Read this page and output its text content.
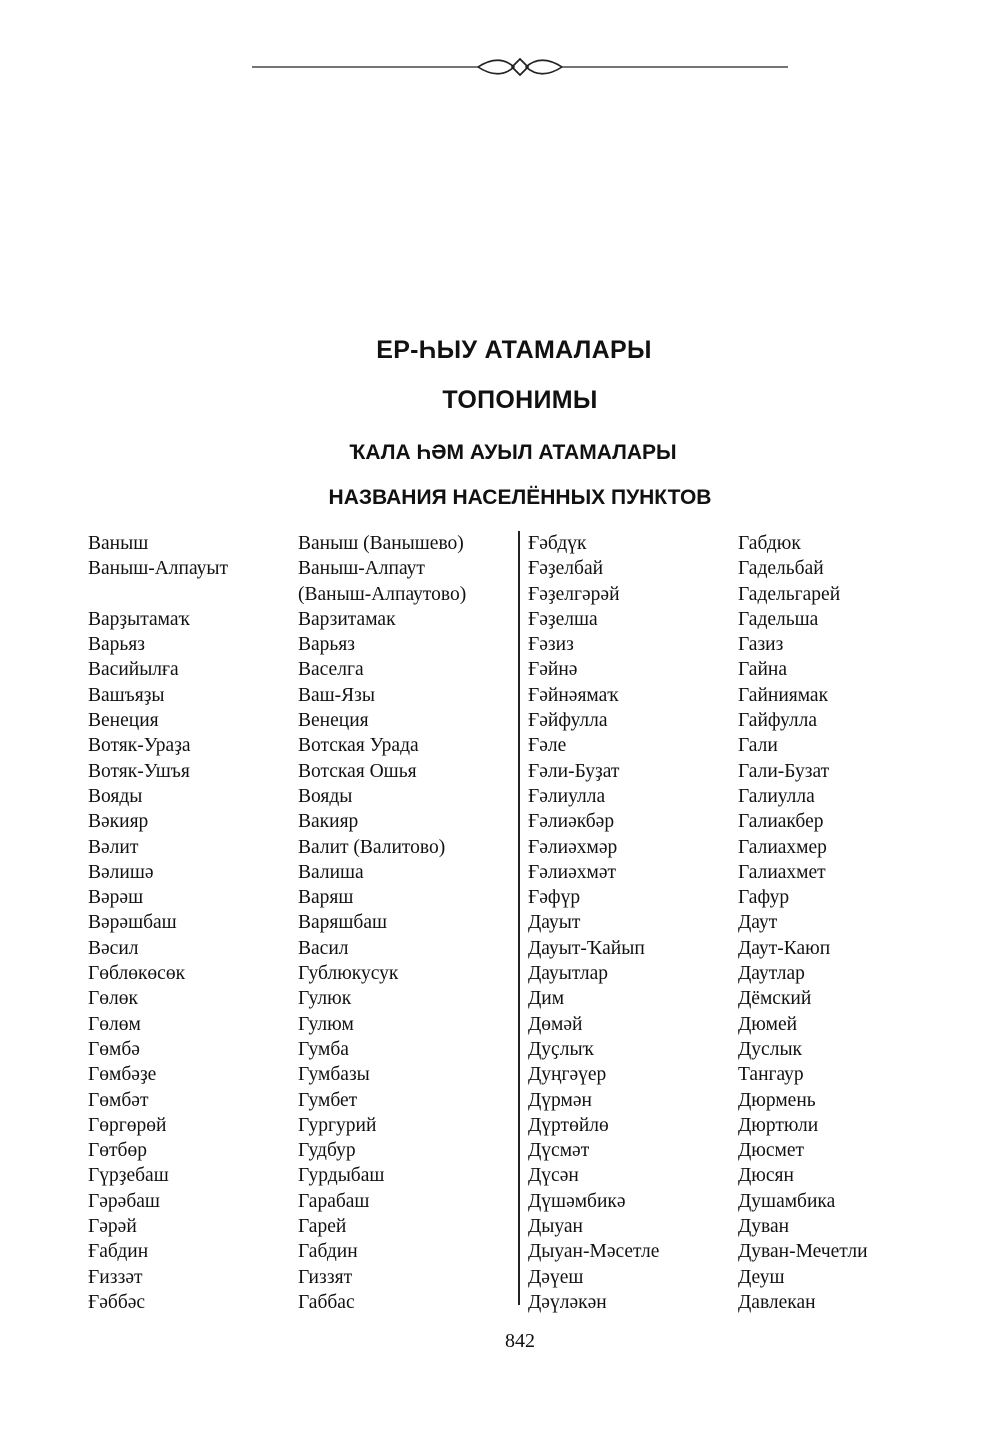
ЕР-ҺЫУ АТАМАЛАРЫ
ТОПОНИМЫ
ҠАЛА ҺӘМ АУЫЛ АТАМАЛАРЫ
НАЗВАНИЯ НАСЕЛЁННЫХ ПУНКТОВ
Ваныш
Ваныш-Алпауыт
Варҙытамаҡ
Варьяз
Васийылға
Вашъяҙы
Венеция
Вотяк-Ураҙа
Вотяк-Ушъя
Вояды
Вәкияр
Вәлит
Вәлишә
Вәрәш
Вәрәшбаш
Вәсил
Гөблөкөсөк
Гөлөк
Гөлөм
Гөмбә
Гөмбәҙе
Гөмбәт
Гөргөрөй
Гөтбөр
Гүрҙебаш
Гәрәбаш
Гәрәй
Ғабдин
Ғиззәт
Ғәббәс
Ваныш (Ванышево)
Ваныш-Алпаут
(Ваныш-Алпаутово)
Варзитамак
Варьяз
Васелга
Ваш-Язы
Венеция
Вотская Урада
Вотская Ошья
Вояды
Вакияр
Валит (Валитово)
Валиша
Варяш
Варяшбаш
Васил
Гублюкусук
Гулюк
Гулюм
Гумба
Гумбазы
Гумбет
Гургурий
Гудбур
Гурдыбаш
Гарабаш
Гарей
Габдин
Гиззят
Габбас
Ғәбдүк
Ғәҙелбай
Ғәҙелгәрәй
Ғәҙелша
Ғәзиз
Ғәйнә
Ғәйнәямаҡ
Ғәйфулла
Ғәле
Ғәли-Буҙат
Ғәлиулла
Ғәлиәкбәр
Ғәлиәхмәр
Ғәлиәхмәт
Ғәфүр
Дауыт
Дауыт-Ҡайып
Дауытлар
Дим
Дөмәй
Дуҫлыҡ
Дуңгәүер
Дүрмән
Дүртөйлө
Дүсмәт
Дүсән
Дүшәмбикә
Дыуан
Дыуан-Мәсетле
Дәүеш
Дәүләкән
Габдюк
Гадельбай
Гадельгарей
Гадельша
Газиз
Гайна
Гайниямак
Гайфулла
Гали
Гали-Бузат
Галиулла
Галиакбер
Галиахмер
Галиахмет
Гафур
Даут
Даут-Каюп
Даутлар
Дёмский
Дюмей
Дуслык
Тангаур
Дюрмень
Дюртюли
Дюсмет
Дюсян
Душамбика
Дуван
Дуван-Мечетли
Деуш
Давлекан
842
